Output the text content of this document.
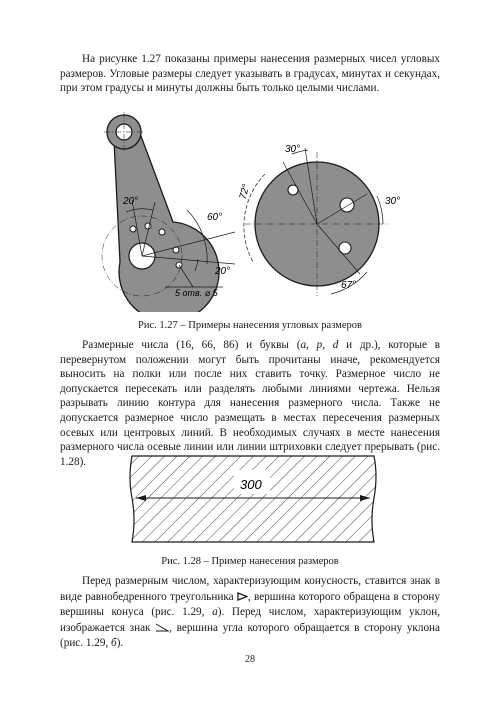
На рисунке 1.27 показаны примеры нанесения размерных чисел угловых размеров. Угловые размеры следует указывать в градусах, минутах и секундах, при этом градусы и минуты должны быть только целыми числами.

20°
60°
20°
5 отв. ⌀ 5
30°
72°
30°
67°

Рис. 1.27 – Примеры нанесения угловых размеров

Размерные числа (16, 66, 86) и буквы (a, p, d и др.), которые в перевернутом положении могут быть прочитаны иначе, рекомендуется выносить на полки или после них ставить точку. Размерное число не допускается пересекать или разделять любыми линиями чертежа. Нельзя разрывать линию контура для нанесения размерного числа. Также не допускается размерное число размещать в местах пересечения размерных осевых или центровых линий. В необходимых случаях в месте нанесения размерного числа осевые линии или линии штриховки следует прерывать (рис. 1.28).

300

Рис. 1.28 – Пример нанесения размеров

Перед размерным числом, характеризующим конусность, ставится знак в виде равнобедренного треугольника , вершина которого обращена в сторону вершины конуса (рис. 1.29, а). Перед числом, характеризующим уклон, изображается знак , вершина угла которого обращается в сторону уклона (рис. 1.29, б).

28
